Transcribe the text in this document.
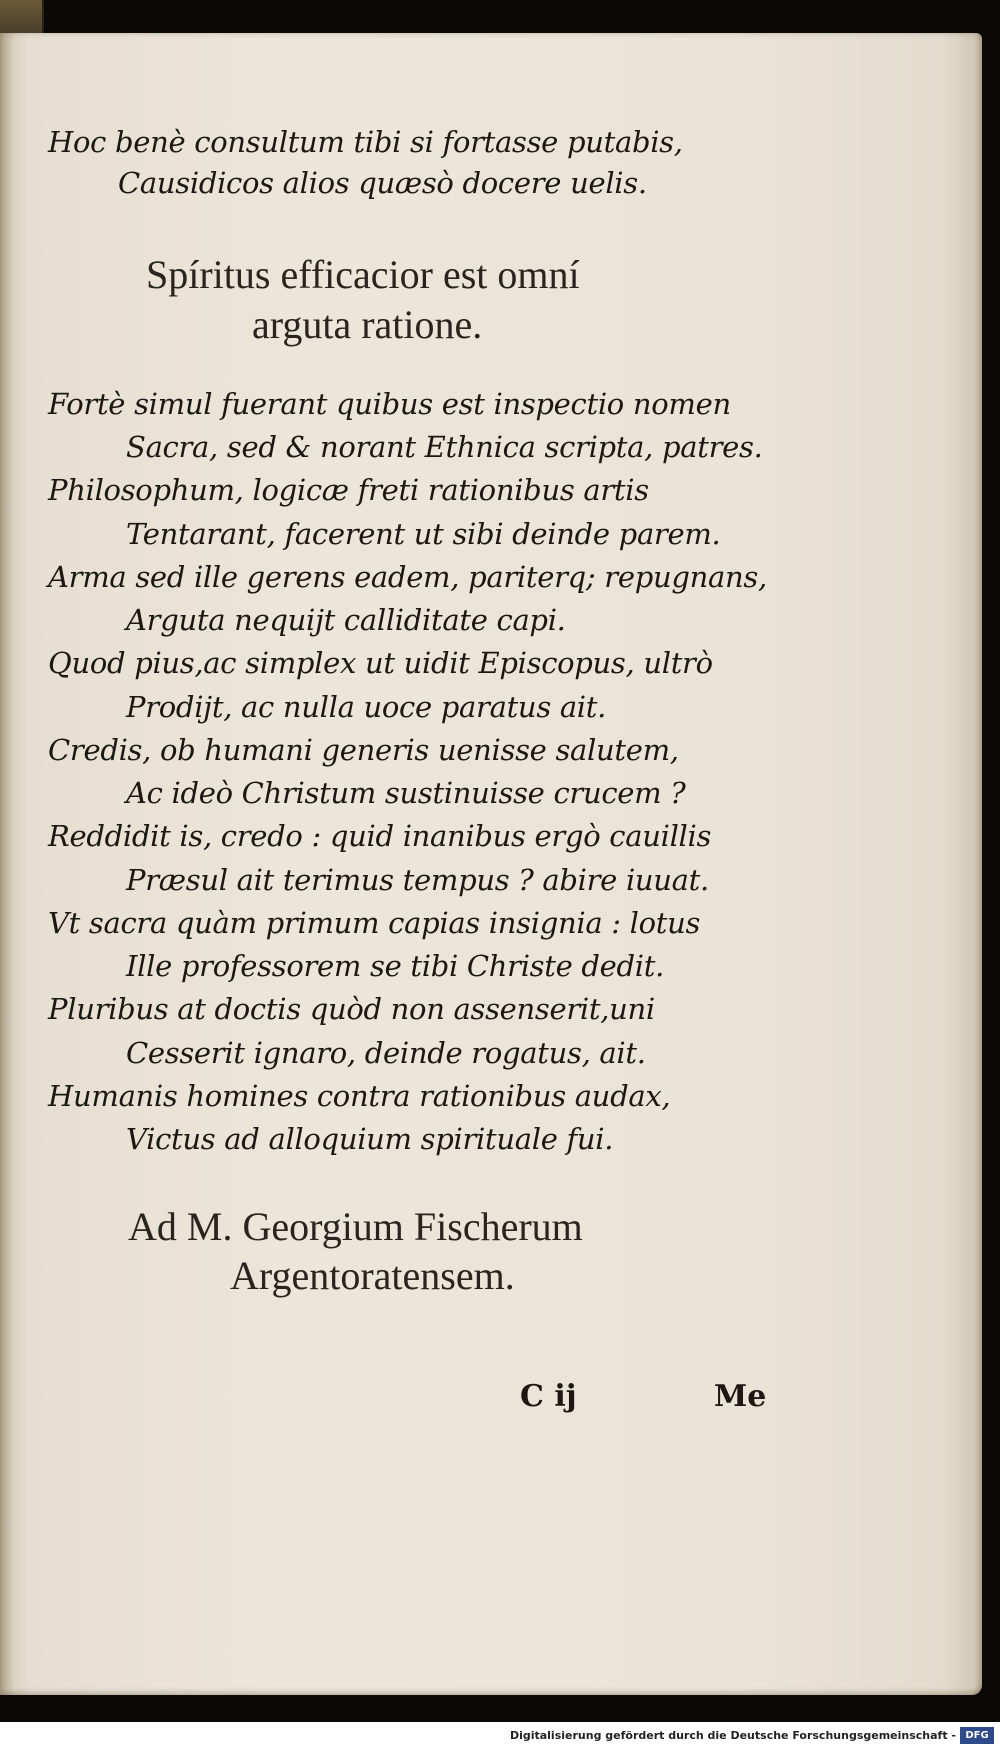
Hoc benè consultum tibi si fortasse putabis,
Causidicos alios quæsò docere uelis.
Spíritus efficacior est omní
arguta ratione.
Fortè simul fuerant quibus est inspectio nomen
Sacra, sed & norant Ethnica scripta, patres.
Philosophum, logicæ freti rationibus artis
Tentarant, facerent ut sibi deinde parem.
Arma sed ille gerens eadem, pariterq; repugnans,
Arguta nequijt calliditate capi.
Quod pius,ac simplex ut uidit Episcopus, ultrò
Prodijt, ac nulla uoce paratus ait.
Credis, ob humani generis uenisse salutem,
Ac ideò Christum sustinuisse crucem ?
Reddidit is, credo : quid inanibus ergò cauillis
Præsul ait terimus tempus ? abire iuuat.
Vt sacra quàm primum capias insignia : lotus
Ille professorem se tibi Christe dedit.
Pluribus at doctis quòd non assenserit,uni
Cesserit ignaro, deinde rogatus, ait.
Humanis homines contra rationibus audax,
Victus ad alloquium spirituale fui.
Ad M. Georgium Fischerum
Argentoratensem.
C ij	Me
Digitalisierung gefördert durch die Deutsche Forschungsgemeinschaft - DFG
